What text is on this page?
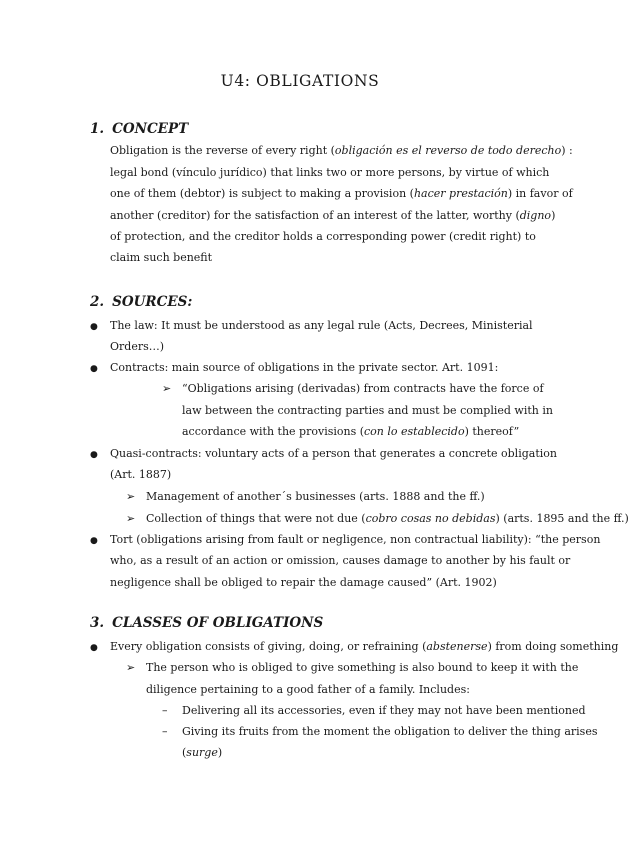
U4: OBLIGATIONS
1. CONCEPT
Obligation is the reverse of every right (obligación es el reverso de todo derecho) :
legal bond (vínculo jurídico) that links two or more persons, by virtue of which
one of them (debtor) is subject to making a provision (hacer prestación) in favor of
another (creditor) for the satisfaction of an interest of the latter, worthy (digno)
of protection, and the creditor holds a corresponding power (credit right) to
claim such benefit
2. SOURCES:
● The law: It must be understood as any legal rule (Acts, Decrees, Ministerial
Orders…)
● Contracts: main source of obligations in the private sector. Art. 1091:
➢ “Obligations arising (derivadas) from contracts have the force of
law between the contracting parties and must be complied with in
accordance with the provisions (con lo establecido) thereof”
● Quasi-contracts: voluntary acts of a person that generates a concrete obligation
(Art. 1887)
➢ Management of another´s businesses (arts. 1888 and the ff.)
➢ Collection of things that were not due (cobro cosas no debidas) (arts. 1895 and the ff.)
● Tort (obligations arising from fault or negligence, non contractual liability): “the person
who, as a result of an action or omission, causes damage to another by his fault or
negligence shall be obliged to repair the damage caused” (Art. 1902)
3. CLASSES OF OBLIGATIONS
● Every obligation consists of giving, doing, or refraining (abstenerse) from doing something
➢ The person who is obliged to give something is also bound to keep it with the
diligence pertaining to a good father of a family. Includes:
– Delivering all its accessories, even if they may not have been mentioned
– Giving its fruits from the moment the obligation to deliver the thing arises
(surge)
